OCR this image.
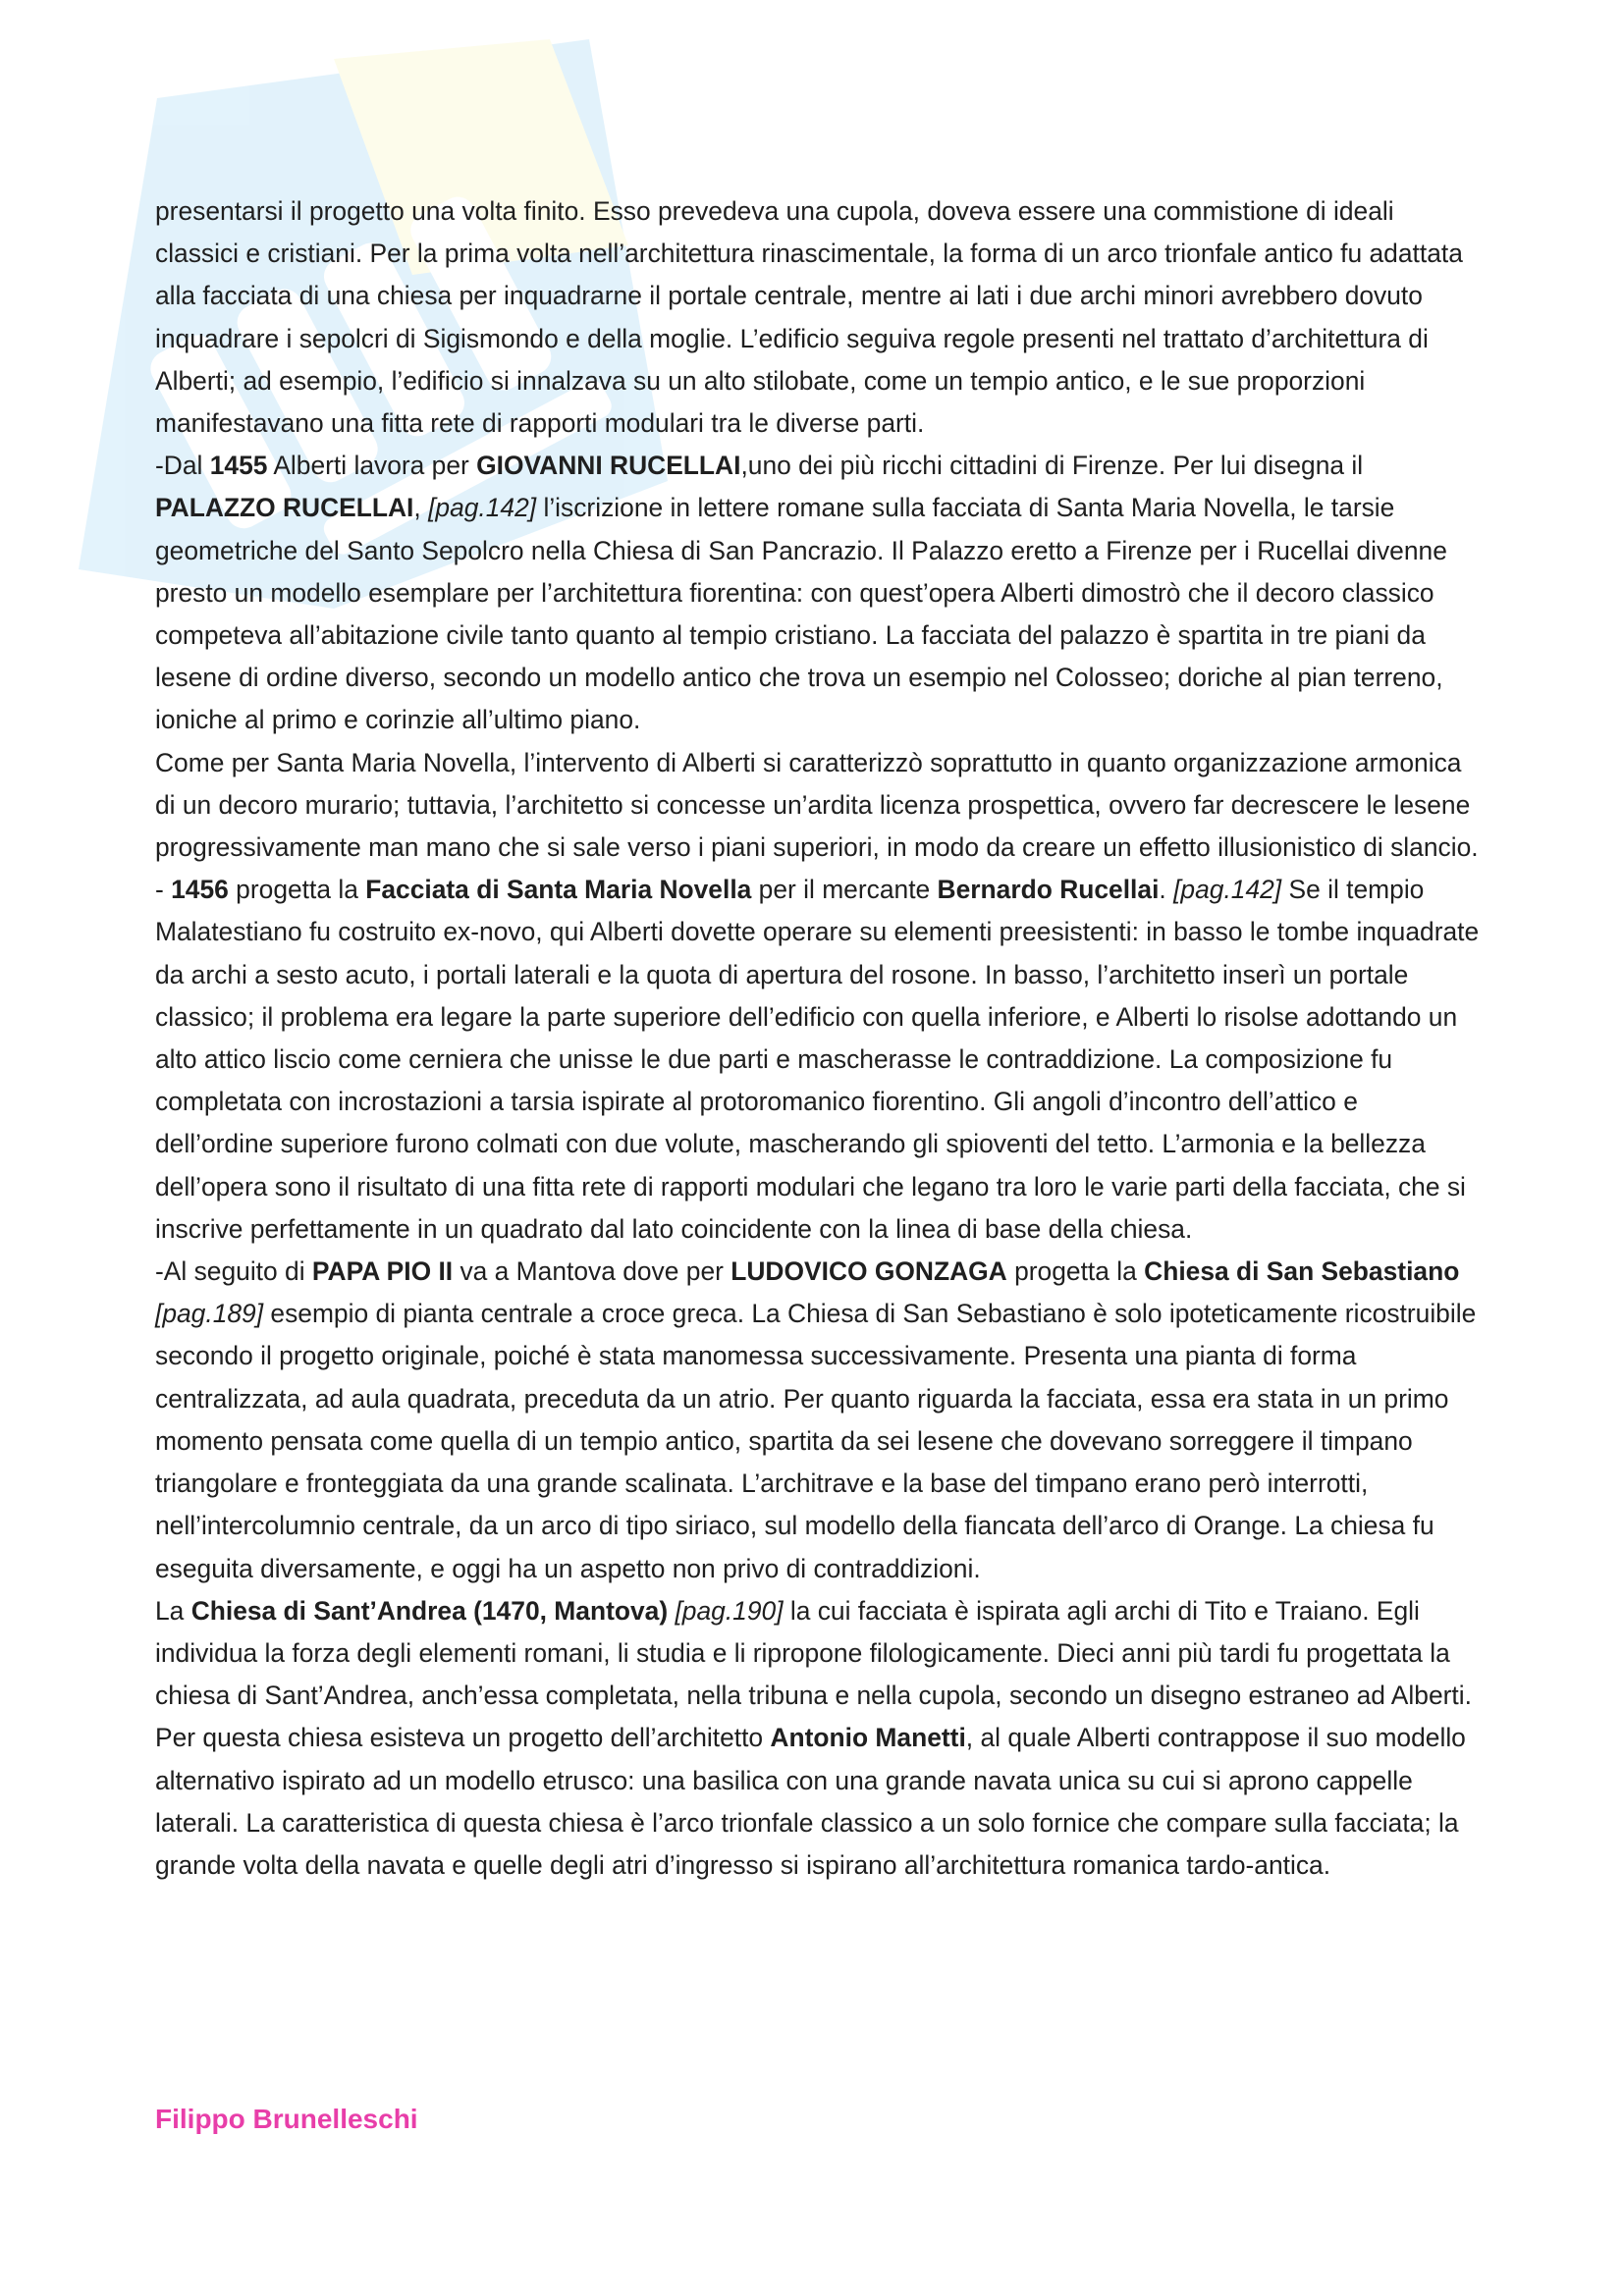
presentarsi il progetto una volta finito. Esso prevedeva una cupola, doveva essere una commistione di ideali classici e cristiani. Per la prima volta nell’architettura rinascimentale, la forma di un arco trionfale antico fu adattata alla facciata di una chiesa per inquadrarne il portale centrale, mentre ai lati i due archi minori avrebbero dovuto inquadrare i sepolcri di Sigismondo e della moglie. L’edificio seguiva regole presenti nel trattato d’architettura di Alberti; ad esempio, l’edificio si innalzava su un alto stilobate, come un tempio antico, e le sue proporzioni manifestavano una fitta rete di rapporti modulari tra le diverse parti.

-Dal 1455 Alberti lavora per GIOVANNI RUCELLAI,uno dei più ricchi cittadini di Firenze. Per lui disegna il PALAZZO RUCELLAI, [pag.142] l’iscrizione in lettere romane sulla facciata di Santa Maria Novella, le tarsie geometriche del Santo Sepolcro nella Chiesa di San Pancrazio. Il Palazzo eretto a Firenze per i Rucellai divenne presto un modello esemplare per l’architettura fiorentina: con quest’opera Alberti dimostrò che il decoro classico competeva all’abitazione civile tanto quanto al tempio cristiano. La facciata del palazzo è spartita in tre piani da lesene di ordine diverso, secondo un modello antico che trova un esempio nel Colosseo; doriche al pian terreno, ioniche al primo e corinzie all’ultimo piano.

Come per Santa Maria Novella, l’intervento di Alberti si caratterizzò soprattutto in quanto organizzazione armonica di un decoro murario; tuttavia, l’architetto si concesse un’ardita licenza prospettica, ovvero far decrescere le lesene progressivamente man mano che si sale verso i piani superiori, in modo da creare un effetto illusionistico di slancio.

- 1456 progetta la Facciata di Santa Maria Novella per il mercante Bernardo Rucellai. [pag.142] Se il tempio Malatestiano fu costruito ex-novo, qui Alberti dovette operare su elementi preesistenti: in basso le tombe inquadrate da archi a sesto acuto, i portali laterali e la quota di apertura del rosone. In basso, l’architetto inserì un portale classico; il problema era legare la parte superiore dell’edificio con quella inferiore, e Alberti lo risolse adottando un alto attico liscio come cerniera che unisse le due parti e mascherasse le contraddizione. La composizione fu completata con incrostazioni a tarsia ispirate al protoromanico fiorentino. Gli angoli d’incontro dell’attico e dell’ordine superiore furono colmati con due volute, mascherando gli spioventi del tetto. L’armonia e la bellezza dell’opera sono il risultato di una fitta rete di rapporti modulari che legano tra loro le varie parti della facciata, che si inscrive perfettamente in un quadrato dal lato coincidente con la linea di base della chiesa.

-Al seguito di PAPA PIO II va a Mantova dove per LUDOVICO GONZAGA progetta la Chiesa di San Sebastiano [pag.189] esempio di pianta centrale a croce greca. La Chiesa di San Sebastiano è solo ipoteticamente ricostruibile secondo il progetto originale, poiché è stata manomessa successivamente. Presenta una pianta di forma centralizzata, ad aula quadrata, preceduta da un atrio. Per quanto riguarda la facciata, essa era stata in un primo momento pensata come quella di un tempio antico, spartita da sei lesene che dovevano sorreggere il timpano triangolare e fronteggiata da una grande scalinata. L’architrave e la base del timpano erano però interrotti, nell’intercolumnio centrale, da un arco di tipo siriaco, sul modello della fiancata dell’arco di Orange. La chiesa fu eseguita diversamente, e oggi ha un aspetto non privo di contraddizioni.

La Chiesa di Sant’Andrea (1470, Mantova) [pag.190] la cui facciata è ispirata agli archi di Tito e Traiano. Egli individua la forza degli elementi romani, li studia e li ripropone filologicamente. Dieci anni più tardi fu progettata la chiesa di Sant’Andrea, anch’essa completata, nella tribuna e nella cupola, secondo un disegno estraneo ad Alberti. Per questa chiesa esisteva un progetto dell’architetto Antonio Manetti, al quale Alberti contrappose il suo modello alternativo ispirato ad un modello etrusco: una basilica con una grande navata unica su cui si aprono cappelle laterali. La caratteristica di questa chiesa è l’arco trionfale classico a un solo fornice che compare sulla facciata; la grande volta della navata e quelle degli atri d’ingresso si ispirano all’architettura romanica tardo-antica.

Filippo Brunelleschi
